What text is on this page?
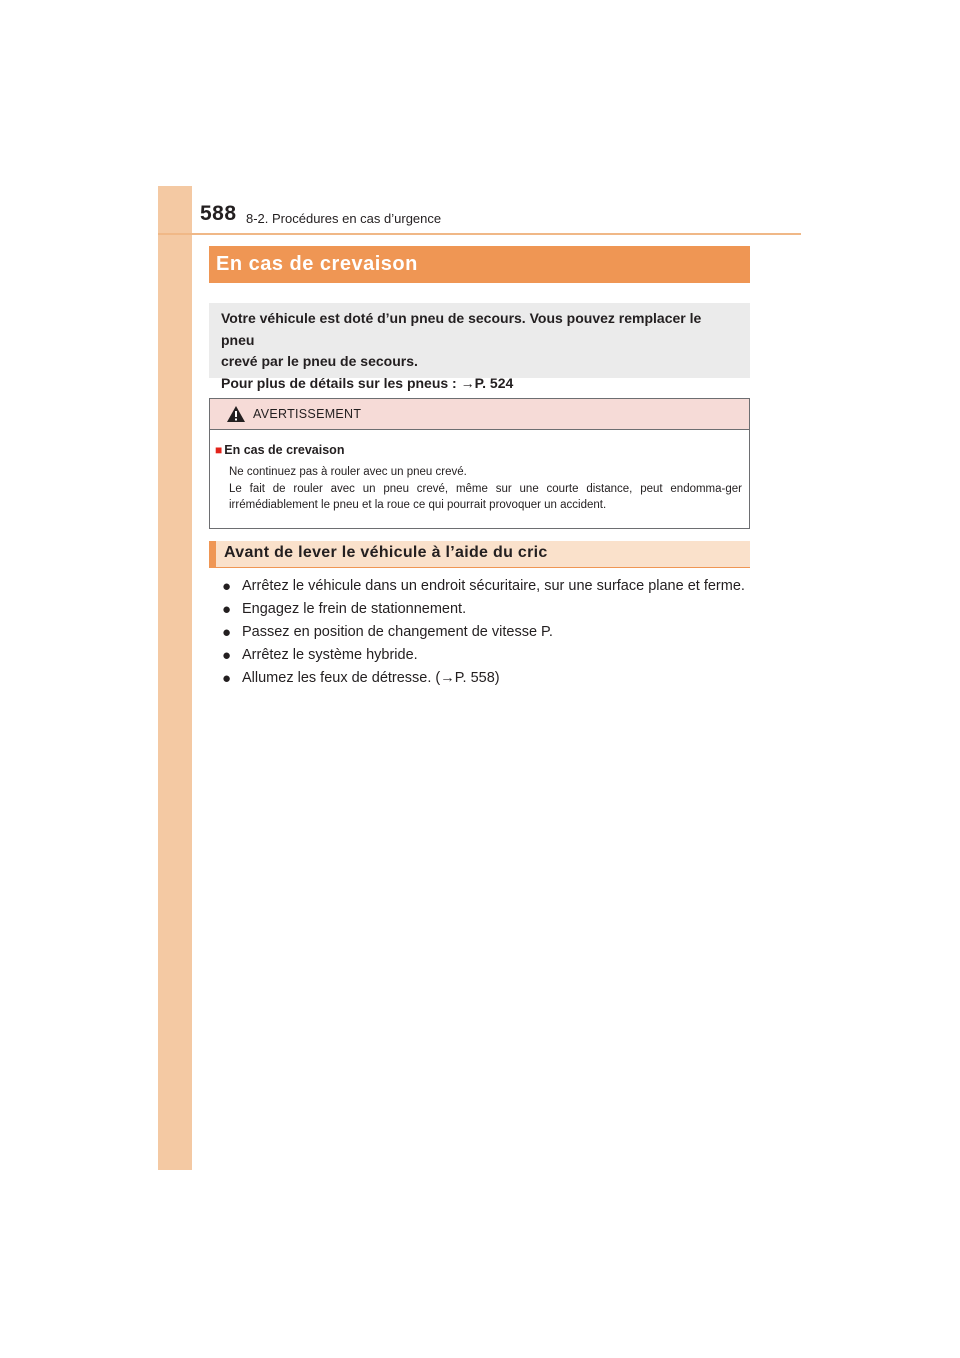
588 8-2. Procédures en cas d’urgence
En cas de crevaison
Votre véhicule est doté d’un pneu de secours. Vous pouvez remplacer le pneu
crevé par le pneu de secours.
Pour plus de détails sur les pneus : →P. 524
AVERTISSEMENT
■ En cas de crevaison

Ne continuez pas à rouler avec un pneu crevé.

Le fait de rouler avec un pneu crevé, même sur une courte distance, peut endomma-ger irrémédiablement le pneu et la roue ce qui pourrait provoquer un accident.

Avant de lever le véhicule à l’aide du cric
● Arrêtez le véhicule dans un endroit sécuritaire, sur une surface plane et ferme.
● Engagez le frein de stationnement.
● Passez en position de changement de vitesse P.
● Arrêtez le système hybride.
● Allumez les feux de détresse. (→P. 558)
